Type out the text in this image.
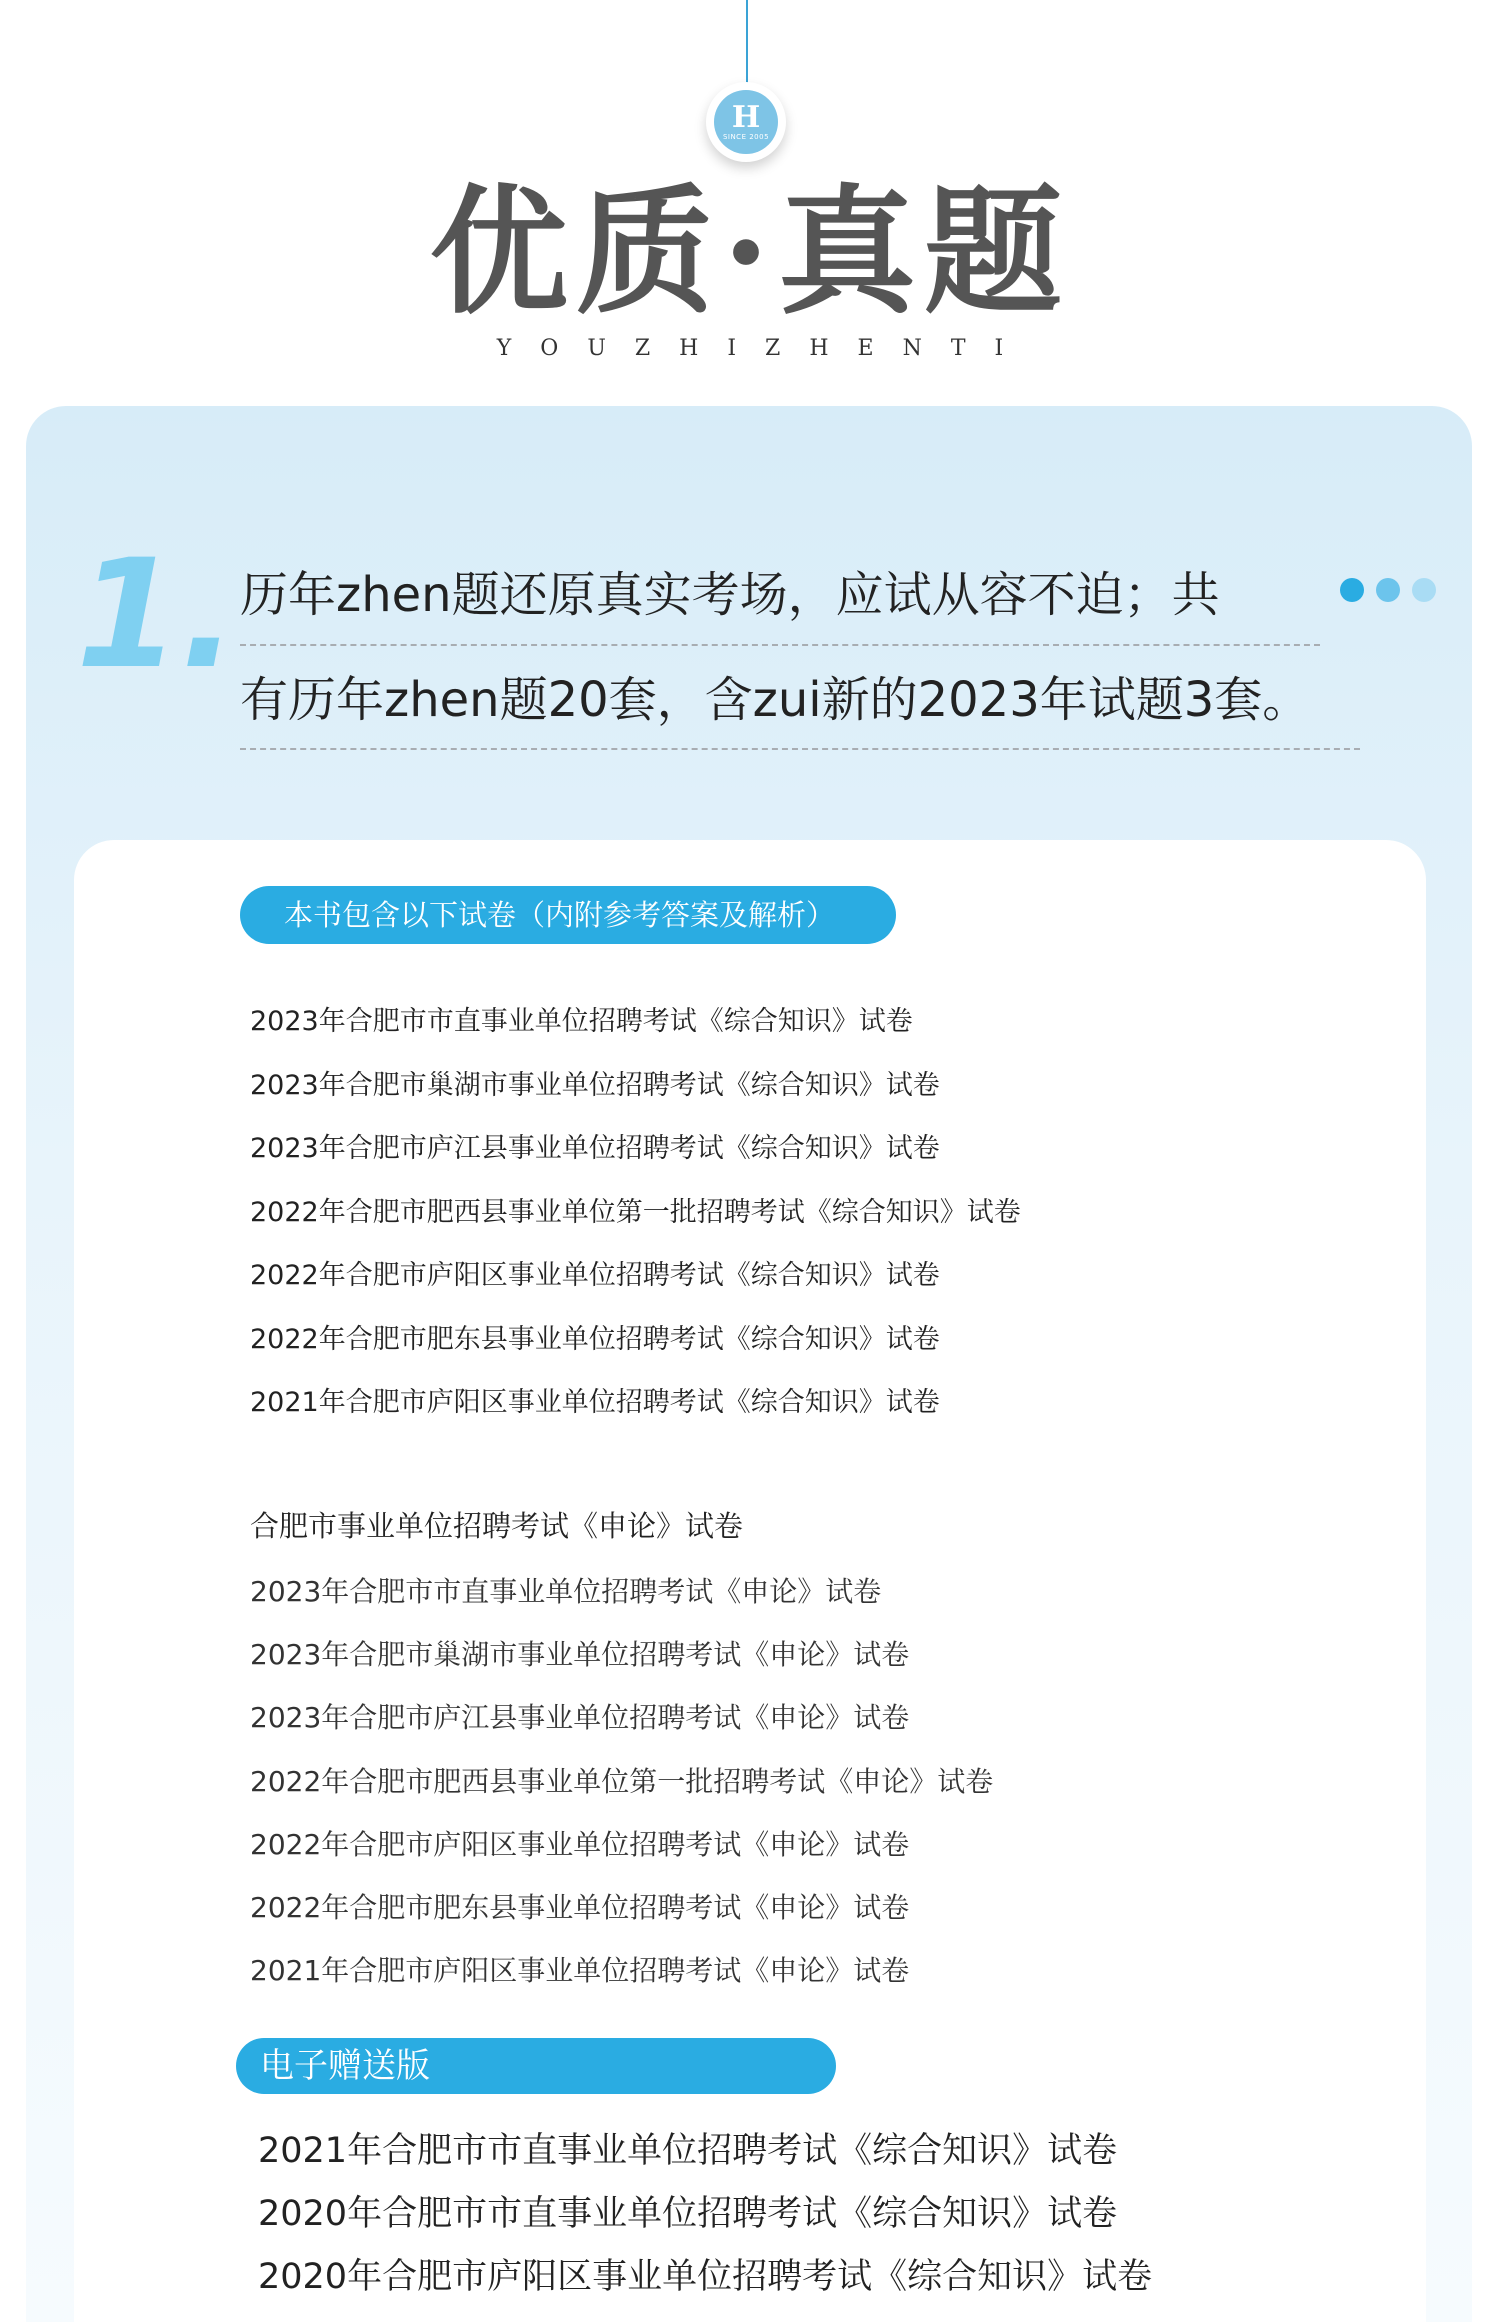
H
SINCE 2005
优质·真题
YOUZHIZHENTI
1. 历年zhen题还原真实考场，应试从容不迫；共
有历年zhen题20套，含zui新的2023年试题3套。
本书包含以下试卷（内附参考答案及解析）
2023年合肥市市直事业单位招聘考试《综合知识》试卷
2023年合肥市巢湖市事业单位招聘考试《综合知识》试卷
2023年合肥市庐江县事业单位招聘考试《综合知识》试卷
2022年合肥市肥西县事业单位第一批招聘考试《综合知识》试卷
2022年合肥市庐阳区事业单位招聘考试《综合知识》试卷
2022年合肥市肥东县事业单位招聘考试《综合知识》试卷
2021年合肥市庐阳区事业单位招聘考试《综合知识》试卷
合肥市事业单位招聘考试《申论》试卷
2023年合肥市市直事业单位招聘考试《申论》试卷
2023年合肥市巢湖市事业单位招聘考试《申论》试卷
2023年合肥市庐江县事业单位招聘考试《申论》试卷
2022年合肥市肥西县事业单位第一批招聘考试《申论》试卷
2022年合肥市庐阳区事业单位招聘考试《申论》试卷
2022年合肥市肥东县事业单位招聘考试《申论》试卷
2021年合肥市庐阳区事业单位招聘考试《申论》试卷
电子赠送版
2021年合肥市市直事业单位招聘考试《综合知识》试卷
2020年合肥市市直事业单位招聘考试《综合知识》试卷
2020年合肥市庐阳区事业单位招聘考试《综合知识》试卷
